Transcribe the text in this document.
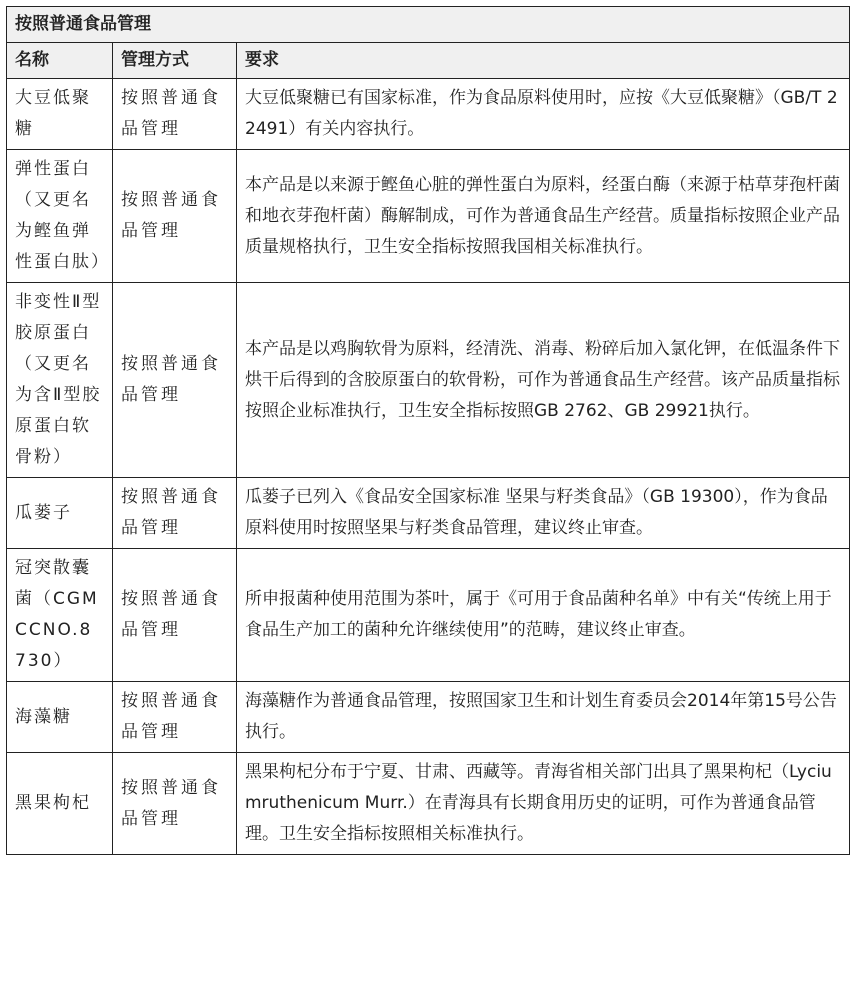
按照普通食品管理		
名称	管理方式	要求
大豆低聚糖	按照普通食品管理	大豆低聚糖已有国家标准，作为食品原料使用时，应按《大豆低聚糖》（GB/T 22491）有关内容执行。
弹性蛋白（又更名为鲣鱼弹性蛋白肽）	按照普通食品管理	本产品是以来源于鲣鱼心脏的弹性蛋白为原料，经蛋白酶（来源于枯草芽孢杆菌和地衣芽孢杆菌）酶解制成，可作为普通食品生产经营。质量指标按照企业产品质量规格执行，卫生安全指标按照我国相关标准执行。
非变性Ⅱ型胶原蛋白（又更名为含Ⅱ型胶原蛋白软骨粉）	按照普通食品管理	本产品是以鸡胸软骨为原料，经清洗、消毒、粉碎后加入氯化钾，在低温条件下烘干后得到的含胶原蛋白的软骨粉，可作为普通食品生产经营。该产品质量指标按照企业标准执行，卫生安全指标按照GB 2762、GB 29921执行。
瓜蒌子	按照普通食品管理	瓜蒌子已列入《食品安全国家标准 坚果与籽类食品》（GB 19300），作为食品原料使用时按照坚果与籽类食品管理，建议终止审查。
冠突散囊菌（CGMCCNO.8730）	按照普通食品管理	所申报菌种使用范围为茶叶，属于《可用于食品菌种名单》中有关“传统上用于食品生产加工的菌种允许继续使用”的范畴，建议终止审查。
海藻糖	按照普通食品管理	海藻糖作为普通食品管理，按照国家卫生和计划生育委员会2014年第15号公告执行。
黑果枸杞	按照普通食品管理	黑果枸杞分布于宁夏、甘肃、西藏等。青海省相关部门出具了黑果枸杞（Lyciumruthenicum Murr.）在青海具有长期食用历史的证明，可作为普通食品管理。卫生安全指标按照相关标准执行。
